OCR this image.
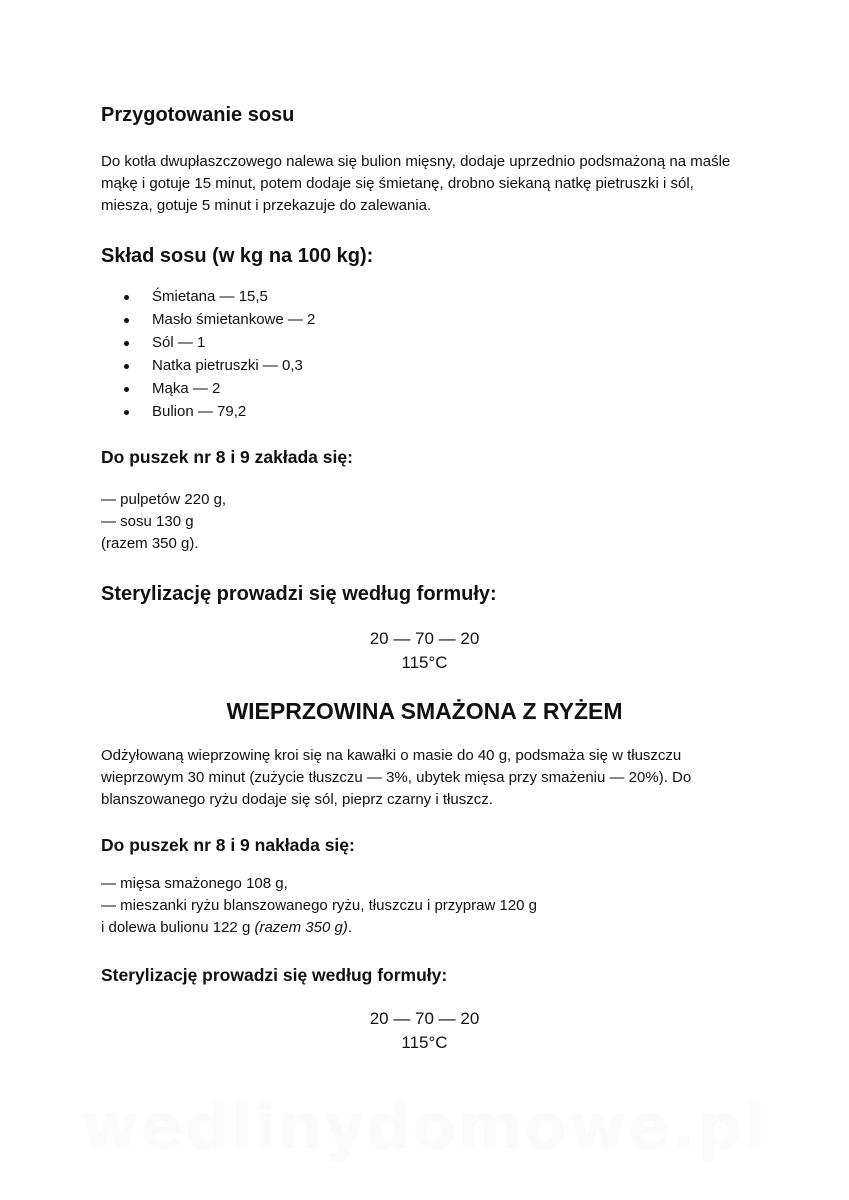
Przygotowanie sosu

Do kotła dwupłaszczowego nalewa się bulion mięsny, dodaje uprzednio podsmażoną na maśle mąkę i gotuje 15 minut, potem dodaje się śmietanę, drobno siekaną natkę pietruszki i sól, miesza, gotuje 5 minut i przekazuje do zalewania.

Skład sosu (w kg na 100 kg):
Śmietana — 15,5
Masło śmietankowe — 2
Sól — 1
Natka pietruszki — 0,3
Mąka — 2
Bulion — 79,2
Do puszek nr 8 i 9 zakłada się:

— pulpetów 220 g,

— sosu 130 g

(razem 350 g).

Sterylizację prowadzi się według formuły:
20 — 70 — 20
115°C
WIEPRZOWINA SMAŻONA Z RYŻEM

Odżyłowaną wieprzowinę kroi się na kawałki o masie do 40 g, podsmaża się w tłuszczu wieprzowym 30 minut (zużycie tłuszczu — 3%, ubytek mięsa przy smażeniu — 20%). Do blanszowanego ryżu dodaje się sól, pieprz czarny i tłuszcz.

Do puszek nr 8 i 9 nakłada się:

— mięsa smażonego 108 g,

— mieszanki ryżu blanszowanego ryżu, tłuszczu i przypraw 120 g

i dolewa bulionu 122 g (razem 350 g).

Sterylizację prowadzi się według formuły:
20 — 70 — 20
115°C
wedlinydomowe.pl
